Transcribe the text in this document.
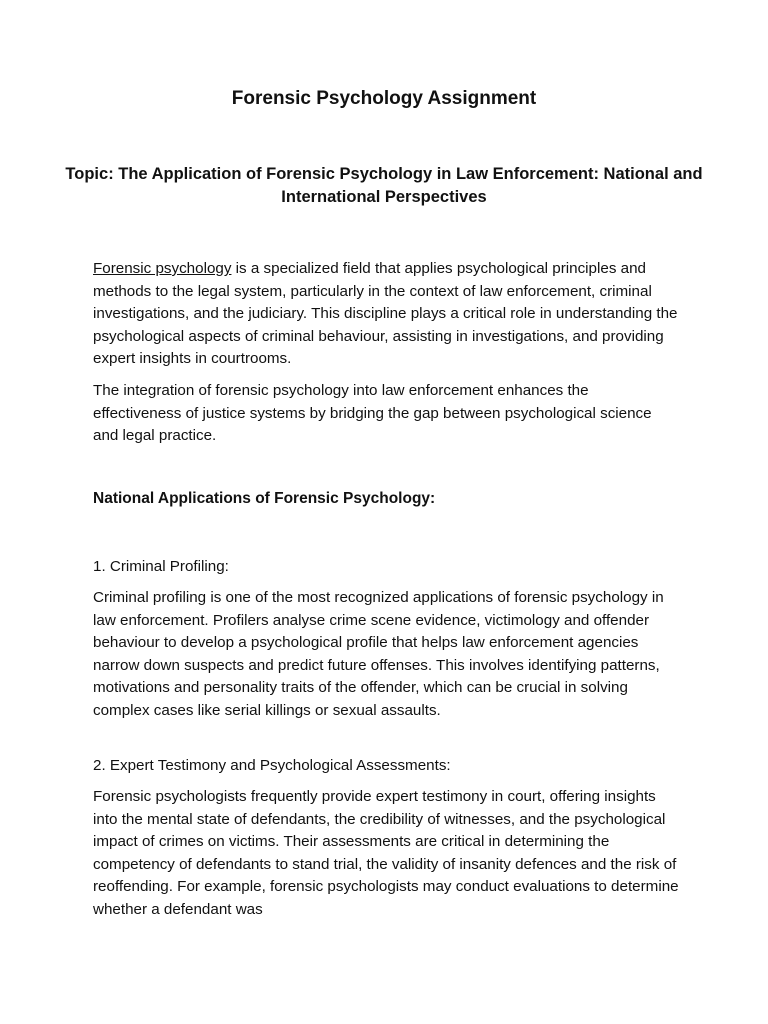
Forensic Psychology Assignment
Topic: The Application of Forensic Psychology in Law Enforcement: National and International Perspectives

Forensic psychology is a specialized field that applies psychological principles and methods to the legal system, particularly in the context of law enforcement, criminal investigations, and the judiciary. This discipline plays a critical role in understanding the psychological aspects of criminal behaviour, assisting in investigations, and providing expert insights in courtrooms.

The integration of forensic psychology into law enforcement enhances the effectiveness of justice systems by bridging the gap between psychological science and legal practice.

National Applications of Forensic Psychology:

1. Criminal Profiling:

Criminal profiling is one of the most recognized applications of forensic psychology in law enforcement. Profilers analyse crime scene evidence, victimology and offender behaviour to develop a psychological profile that helps law enforcement agencies narrow down suspects and predict future offenses. This involves identifying patterns, motivations and personality traits of the offender, which can be crucial in solving complex cases like serial killings or sexual assaults.

2. Expert Testimony and Psychological Assessments:

Forensic psychologists frequently provide expert testimony in court, offering insights into the mental state of defendants, the credibility of witnesses, and the psychological impact of crimes on victims. Their assessments are critical in determining the competency of defendants to stand trial, the validity of insanity defences and the risk of reoffending. For example, forensic psychologists may conduct evaluations to determine whether a defendant was
